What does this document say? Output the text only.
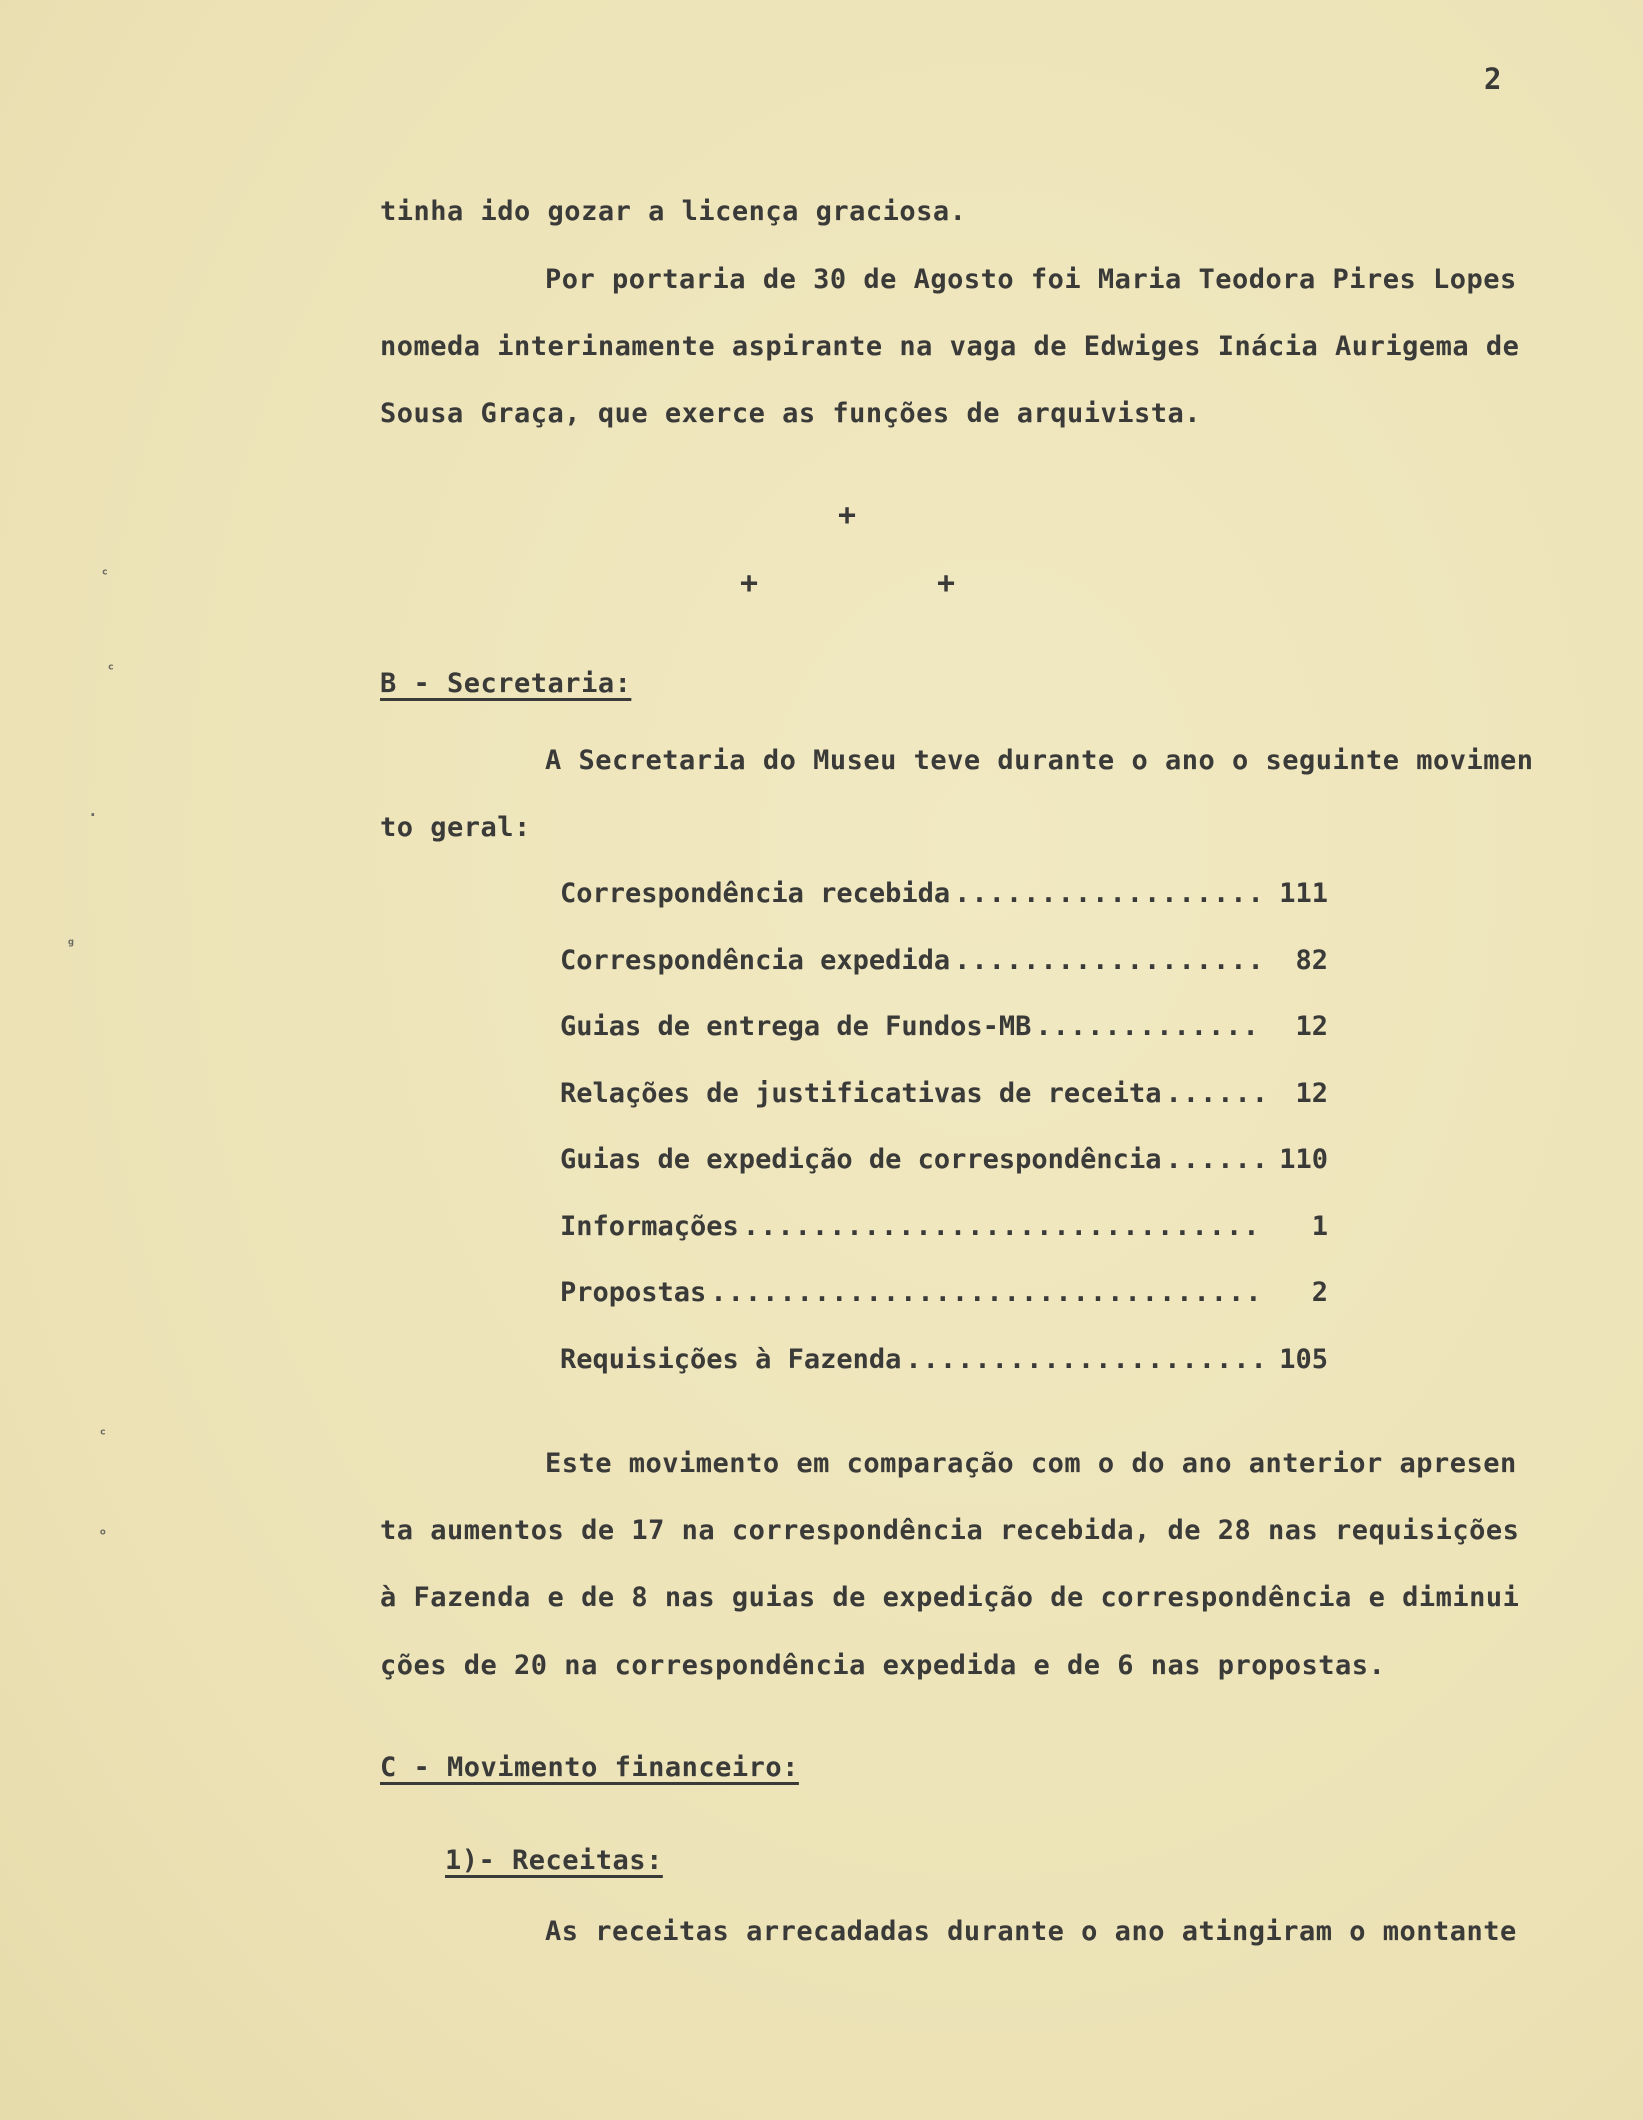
2
tinha ido gozar a licença graciosa.
Por portaria de 30 de Agosto foi Maria Teodora Pires Lopes
nomeda interinamente aspirante na vaga de Edwiges Inácia Aurigema de
Sousa Graça, que exerce as funções de arquivista.
+
+	+
B - Secretaria:
A Secretaria do Museu teve durante o ano o seguinte movimen
to geral:
Correspondência recebida .....	111
Correspondência expedida .....	82
Guias de entrega de Fundos-MB .....	12
Relações de justificativas de receita .....	12
Guias de expedição de correspondência .....	110
Informações .....	1
Propostas .....	2
Requisições à Fazenda .....	105
Este movimento em comparação com o do ano anterior apresen
ta aumentos de 17 na correspondência recebida, de 28 nas requisições
à Fazenda e de 8 nas guias de expedição de correspondência e diminui
ções de 20 na correspondência expedida e de 6 nas propostas.
C - Movimento financeiro:
1)- Receitas:
As receitas arrecadadas durante o ano atingiram o montante
ᶜ
ᶜ
·
ᵍ
ᶜ
ᵒ
